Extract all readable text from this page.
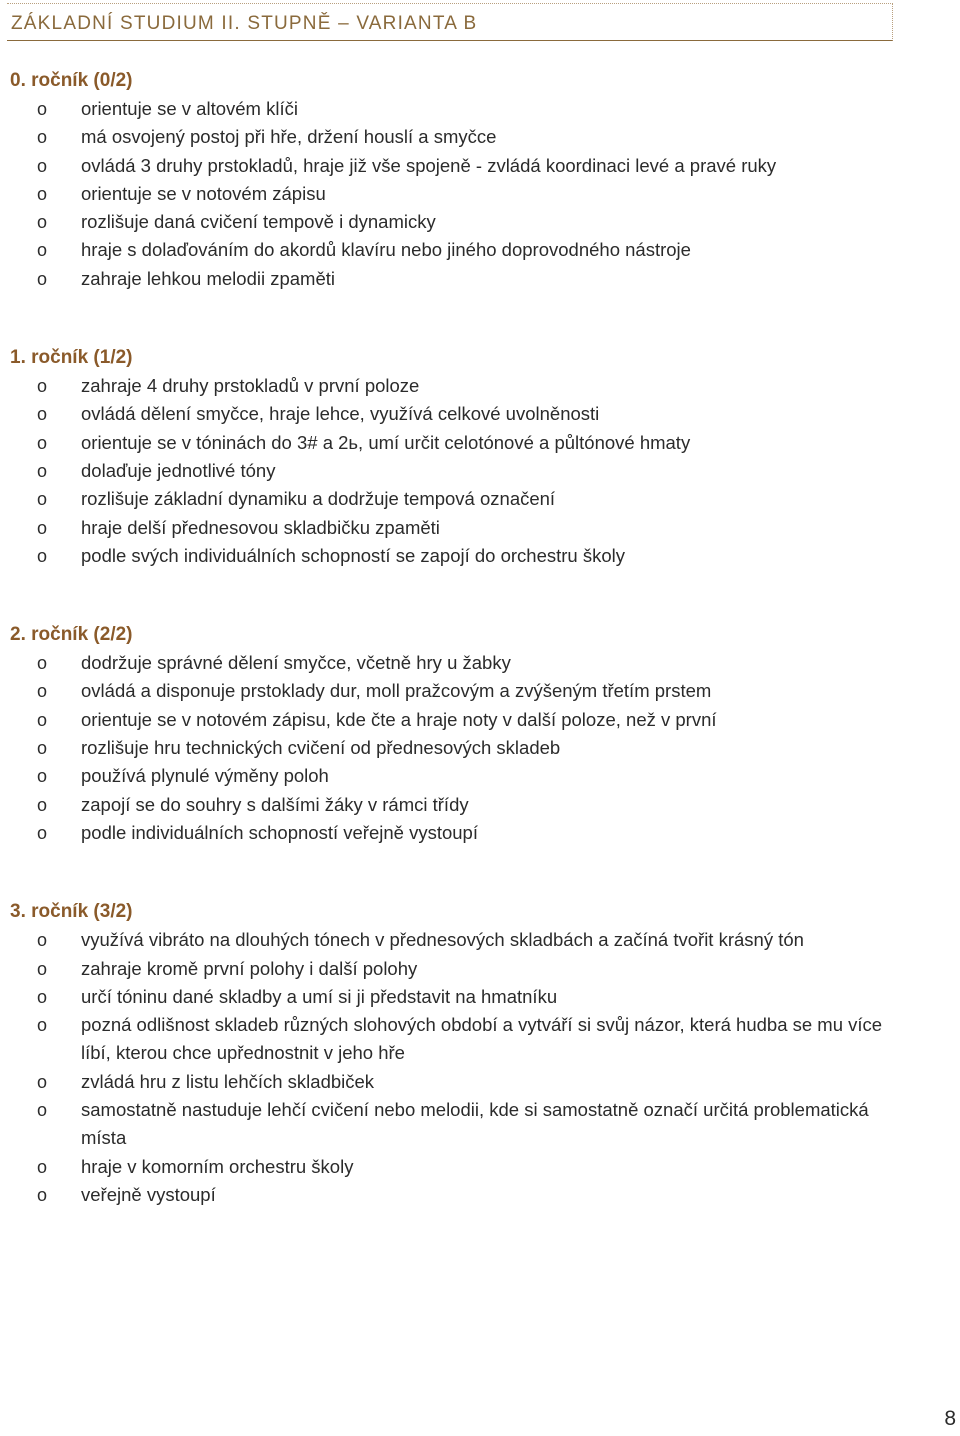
ZÁKLADNÍ STUDIUM II. STUPNĚ – VARIANTA B

0. ročník (0/2)

o orientuje se v altovém klíči
o má osvojený postoj při hře, držení houslí a smyčce
o ovládá 3 druhy prstokladů, hraje již vše spojeně - zvládá koordinaci levé a pravé ruky
o orientuje se v notovém zápisu
o rozlišuje daná cvičení tempově i dynamicky
o hraje s dolaďováním do akordů klavíru nebo jiného doprovodného nástroje
o zahraje lehkou melodii zpaměti

1. ročník (1/2)

o zahraje 4 druhy prstokladů v první poloze
o ovládá dělení smyčce, hraje lehce, využívá celkové uvolněnosti
o orientuje se v tóninách do 3# a 2ь, umí určit celotónové a půltónové hmaty
o dolaďuje jednotlivé tóny
o rozlišuje základní dynamiku a dodržuje tempová označení
o hraje delší přednesovou skladbičku zpaměti
o podle svých individuálních schopností se zapojí do orchestru školy

2. ročník (2/2)

o dodržuje správné dělení smyčce, včetně hry u žabky
o ovládá a disponuje prstoklady dur, moll pražcovým a zvýšeným třetím prstem
o orientuje se v notovém zápisu, kde čte a hraje noty v další poloze, než v první
o rozlišuje hru technických cvičení od přednesových skladeb
o používá plynulé výměny poloh
o zapojí se do souhry s dalšími žáky v rámci třídy
o podle individuálních schopností veřejně vystoupí

3. ročník (3/2)

o využívá vibráto na dlouhých tónech v přednesových skladbách a začíná tvořit krásný tón
o zahraje kromě první polohy i další polohy
o určí tóninu dané skladby a umí si ji představit na hmatníku
o pozná odlišnost skladeb různých slohových období a vytváří si svůj názor, která hudba se mu více líbí, kterou chce upřednostnit v jeho hře
o zvládá hru z listu lehčích skladbiček
o samostatně nastuduje lehčí cvičení nebo melodii, kde si samostatně označí určitá problematická místa
o hraje v komorním orchestru školy
o veřejně vystoupí
8
